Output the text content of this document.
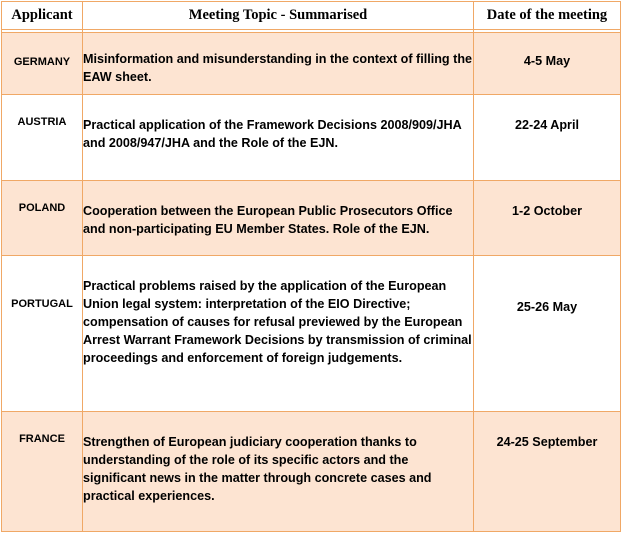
Applicant	Meeting Topic - Summarised	Date of the meeting

GERMANY	Misinformation and misunderstanding in the context of filling the EAW sheet.	4-5 May

AUSTRIA	Practical application of the Framework Decisions 2008/909/JHA and 2008/947/JHA and the Role of the EJN.	22-24 April

POLAND	Cooperation between the European Public Prosecutors Office and non-participating EU Member States. Role of the EJN.	1-2 October

PORTUGAL	Practical problems raised by the application of the European Union legal system: interpretation of the EIO Directive; compensation of causes for refusal previewed by the European Arrest Warrant Framework Decisions by transmission of criminal proceedings and enforcement of foreign judgements.	25-26 May

FRANCE	Strengthen of European judiciary cooperation thanks to understanding of the role of its specific actors and the significant news in the matter through concrete cases and practical experiences.	24-25 September
